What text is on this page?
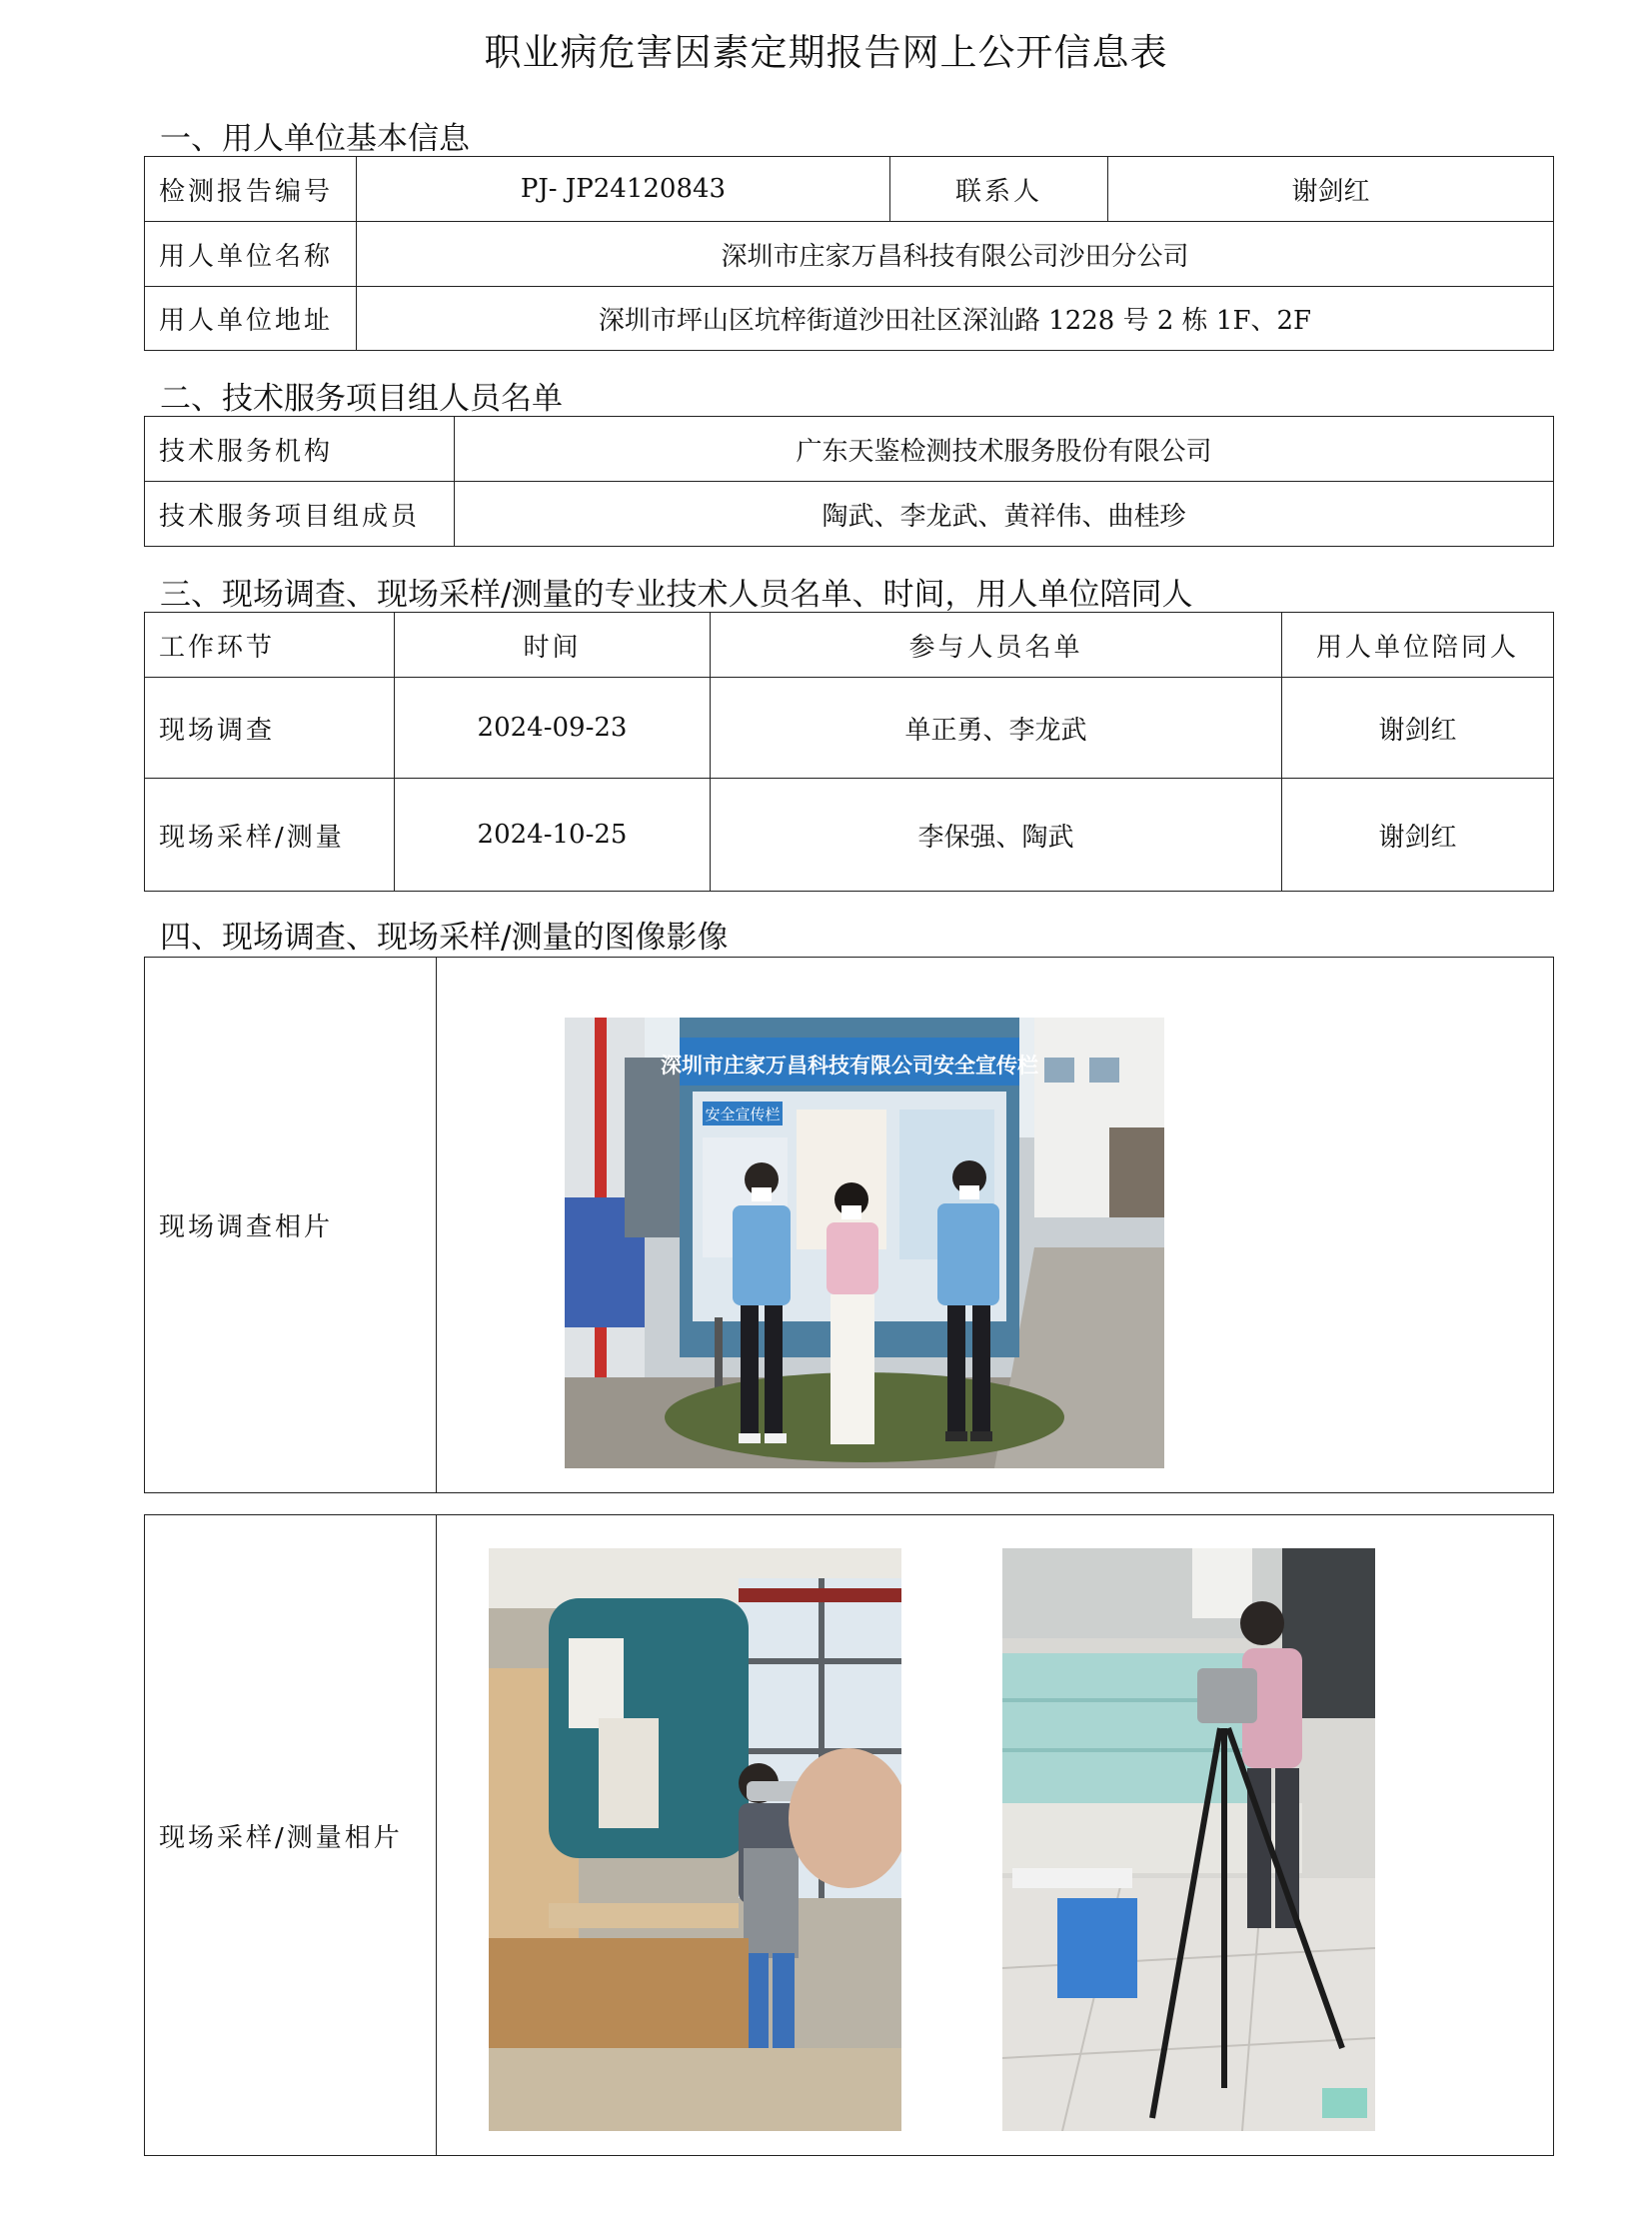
职业病危害因素定期报告网上公开信息表
一、用人单位基本信息
检测报告编号	PJ- JP24120843	联系人	谢剑红
用人单位名称	深圳市庄家万昌科技有限公司沙田分公司		
用人单位地址	深圳市坪山区坑梓街道沙田社区深汕路 1228 号 2 栋 1F、2F		
二、技术服务项目组人员名单
技术服务机构	广东天鉴检测技术服务股份有限公司
技术服务项目组成员	陶武、李龙武、黄祥伟、曲桂珍
三、现场调查、现场采样/测量的专业技术人员名单、时间，用人单位陪同人
工作环节	时间	参与人员名单	用人单位陪同人
现场调查	2024-09-23	单正勇、李龙武	谢剑红
现场采样/测量	2024-10-25	李保强、陶武	谢剑红
四、现场调查、现场采样/测量的图像影像
现场调查相片	
现场采样/测量相片	
深圳市庄家万昌科技有限公司安全宣传栏
安全宣传栏
